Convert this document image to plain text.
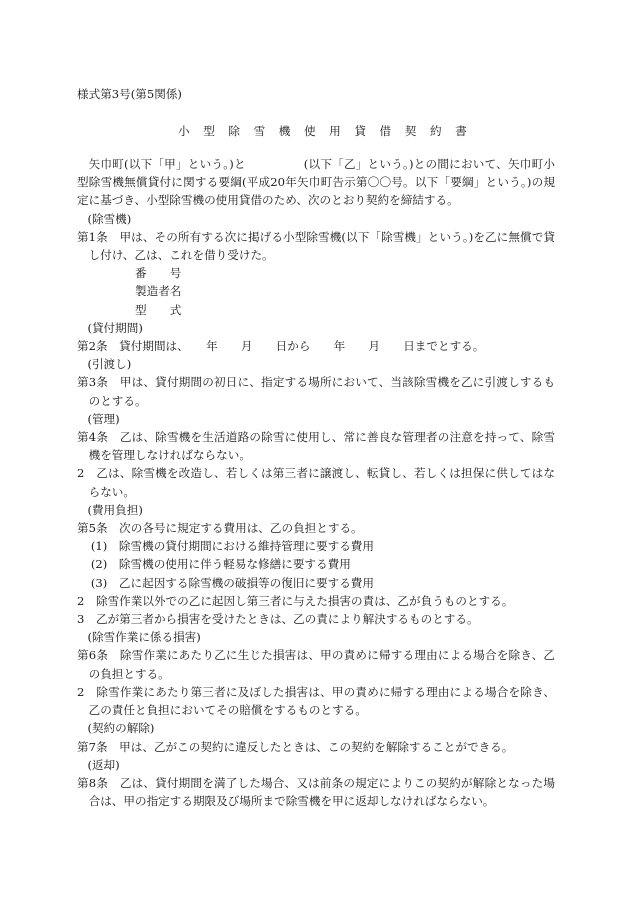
様式第3号(第5関係)
小型除雪機使用貸借契約書

矢巾町(以下「甲」という。)と	(以下「乙」という。)との間において、矢巾町小型除雪機無償貸付に関する要綱(平成20年矢巾町告示第〇〇号。以下「要綱」という。)の規定に基づき、小型除雪機の使用貸借のため、次のとおり契約を締結する。

(除雪機)

第1条　甲は、その所有する次に掲げる小型除雪機(以下「除雪機」という。)を乙に無償で貸し付け、乙は、これを借り受けた。

番　　号

製造者名

型　　式

(貸付期間)

第2条　貸付期間は、　　年　　月　　日から　　年　　月　　日までとする。

(引渡し)

第3条　甲は、貸付期間の初日に、指定する場所において、当該除雪機を乙に引渡しするものとする。

(管理)

第4条　乙は、除雪機を生活道路の除雪に使用し、常に善良な管理者の注意を持って、除雪機を管理しなければならない。

2　乙は、除雪機を改造し、若しくは第三者に譲渡し、転貸し、若しくは担保に供してはならない。

(費用負担)

第5条　次の各号に規定する費用は、乙の負担とする。

(1)　除雪機の貸付期間における維持管理に要する費用

(2)　除雪機の使用に伴う軽易な修繕に要する費用

(3)　乙に起因する除雪機の破損等の復旧に要する費用

2　除雪作業以外での乙に起因し第三者に与えた損害の責は、乙が負うものとする。

3　乙が第三者から損害を受けたときは、乙の責により解決するものとする。

(除雪作業に係る損害)

第6条　除雪作業にあたり乙に生じた損害は、甲の責めに帰する理由による場合を除き、乙の負担とする。

2　除雪作業にあたり第三者に及ぼした損害は、甲の責めに帰する理由による場合を除き、乙の責任と負担においてその賠償をするものとする。

(契約の解除)

第7条　甲は、乙がこの契約に違反したときは、この契約を解除することができる。

(返却)

第8条　乙は、貸付期間を満了した場合、又は前条の規定によりこの契約が解除となった場合は、甲の指定する期限及び場所まで除雪機を甲に返却しなければならない。
